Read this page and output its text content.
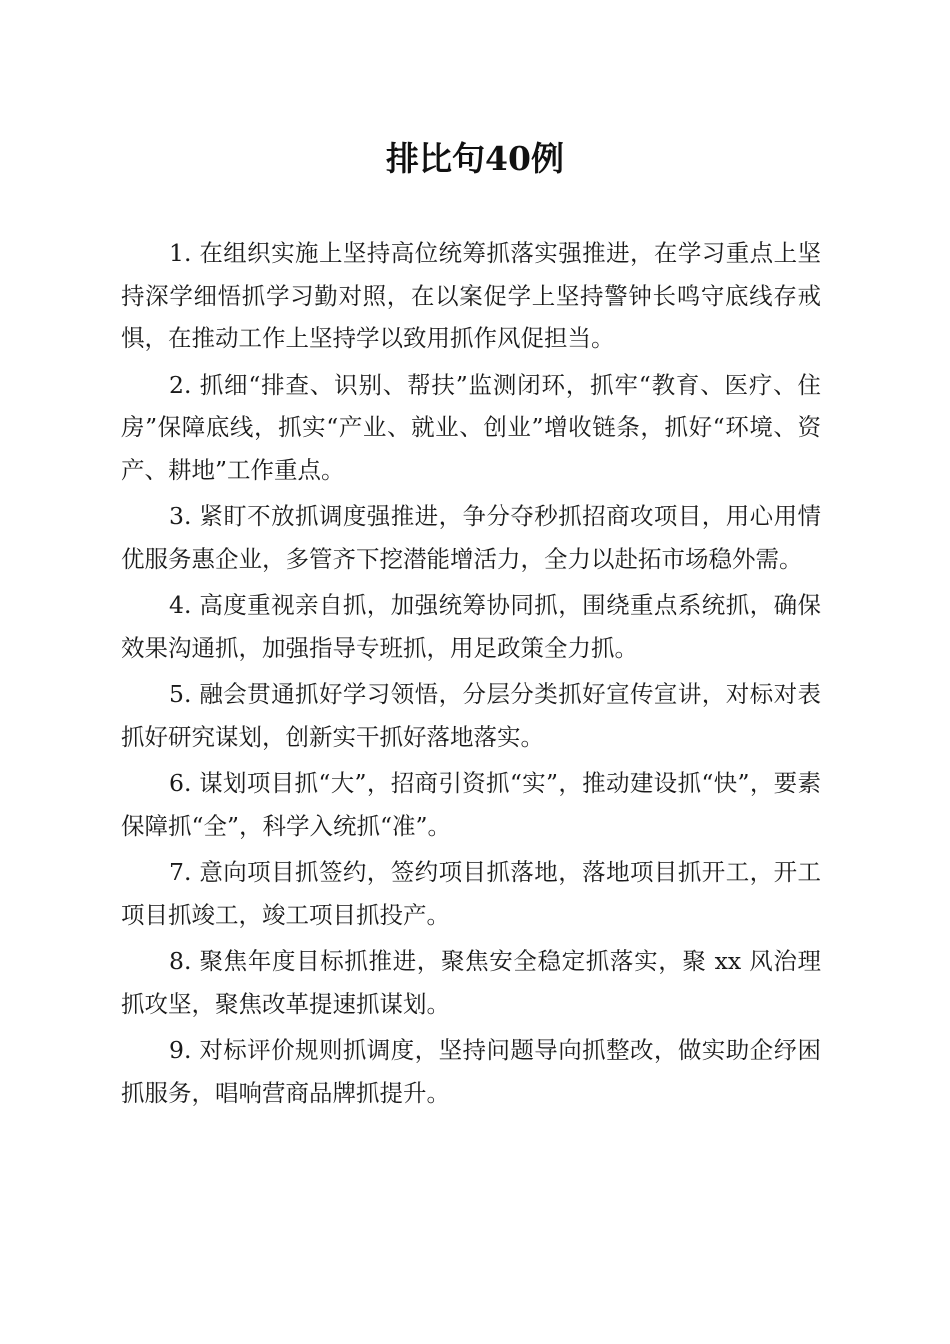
排比句40例

1. 在组织实施上坚持高位统筹抓落实强推进，在学习重点上坚持深学细悟抓学习勤对照，在以案促学上坚持警钟长鸣守底线存戒惧，在推动工作上坚持学以致用抓作风促担当。

2. 抓细“排查、识别、帮扶”监测闭环，抓牢“教育、医疗、住房”保障底线，抓实“产业、就业、创业”增收链条，抓好“环境、资产、耕地”工作重点。

3. 紧盯不放抓调度强推进，争分夺秒抓招商攻项目，用心用情优服务惠企业，多管齐下挖潜能增活力，全力以赴拓市场稳外需。

4. 高度重视亲自抓，加强统筹协同抓，围绕重点系统抓，确保效果沟通抓，加强指导专班抓，用足政策全力抓。

5. 融会贯通抓好学习领悟，分层分类抓好宣传宣讲，对标对表抓好研究谋划，创新实干抓好落地落实。

6. 谋划项目抓“大”，招商引资抓“实”，推动建设抓“快”，要素保障抓“全”，科学入统抓“准”。

7. 意向项目抓签约，签约项目抓落地，落地项目抓开工，开工项目抓竣工，竣工项目抓投产。

8. 聚焦年度目标抓推进，聚焦安全稳定抓落实，聚 xx 风治理抓攻坚，聚焦改革提速抓谋划。

9. 对标评价规则抓调度，坚持问题导向抓整改，做实助企纾困抓服务，唱响营商品牌抓提升。
